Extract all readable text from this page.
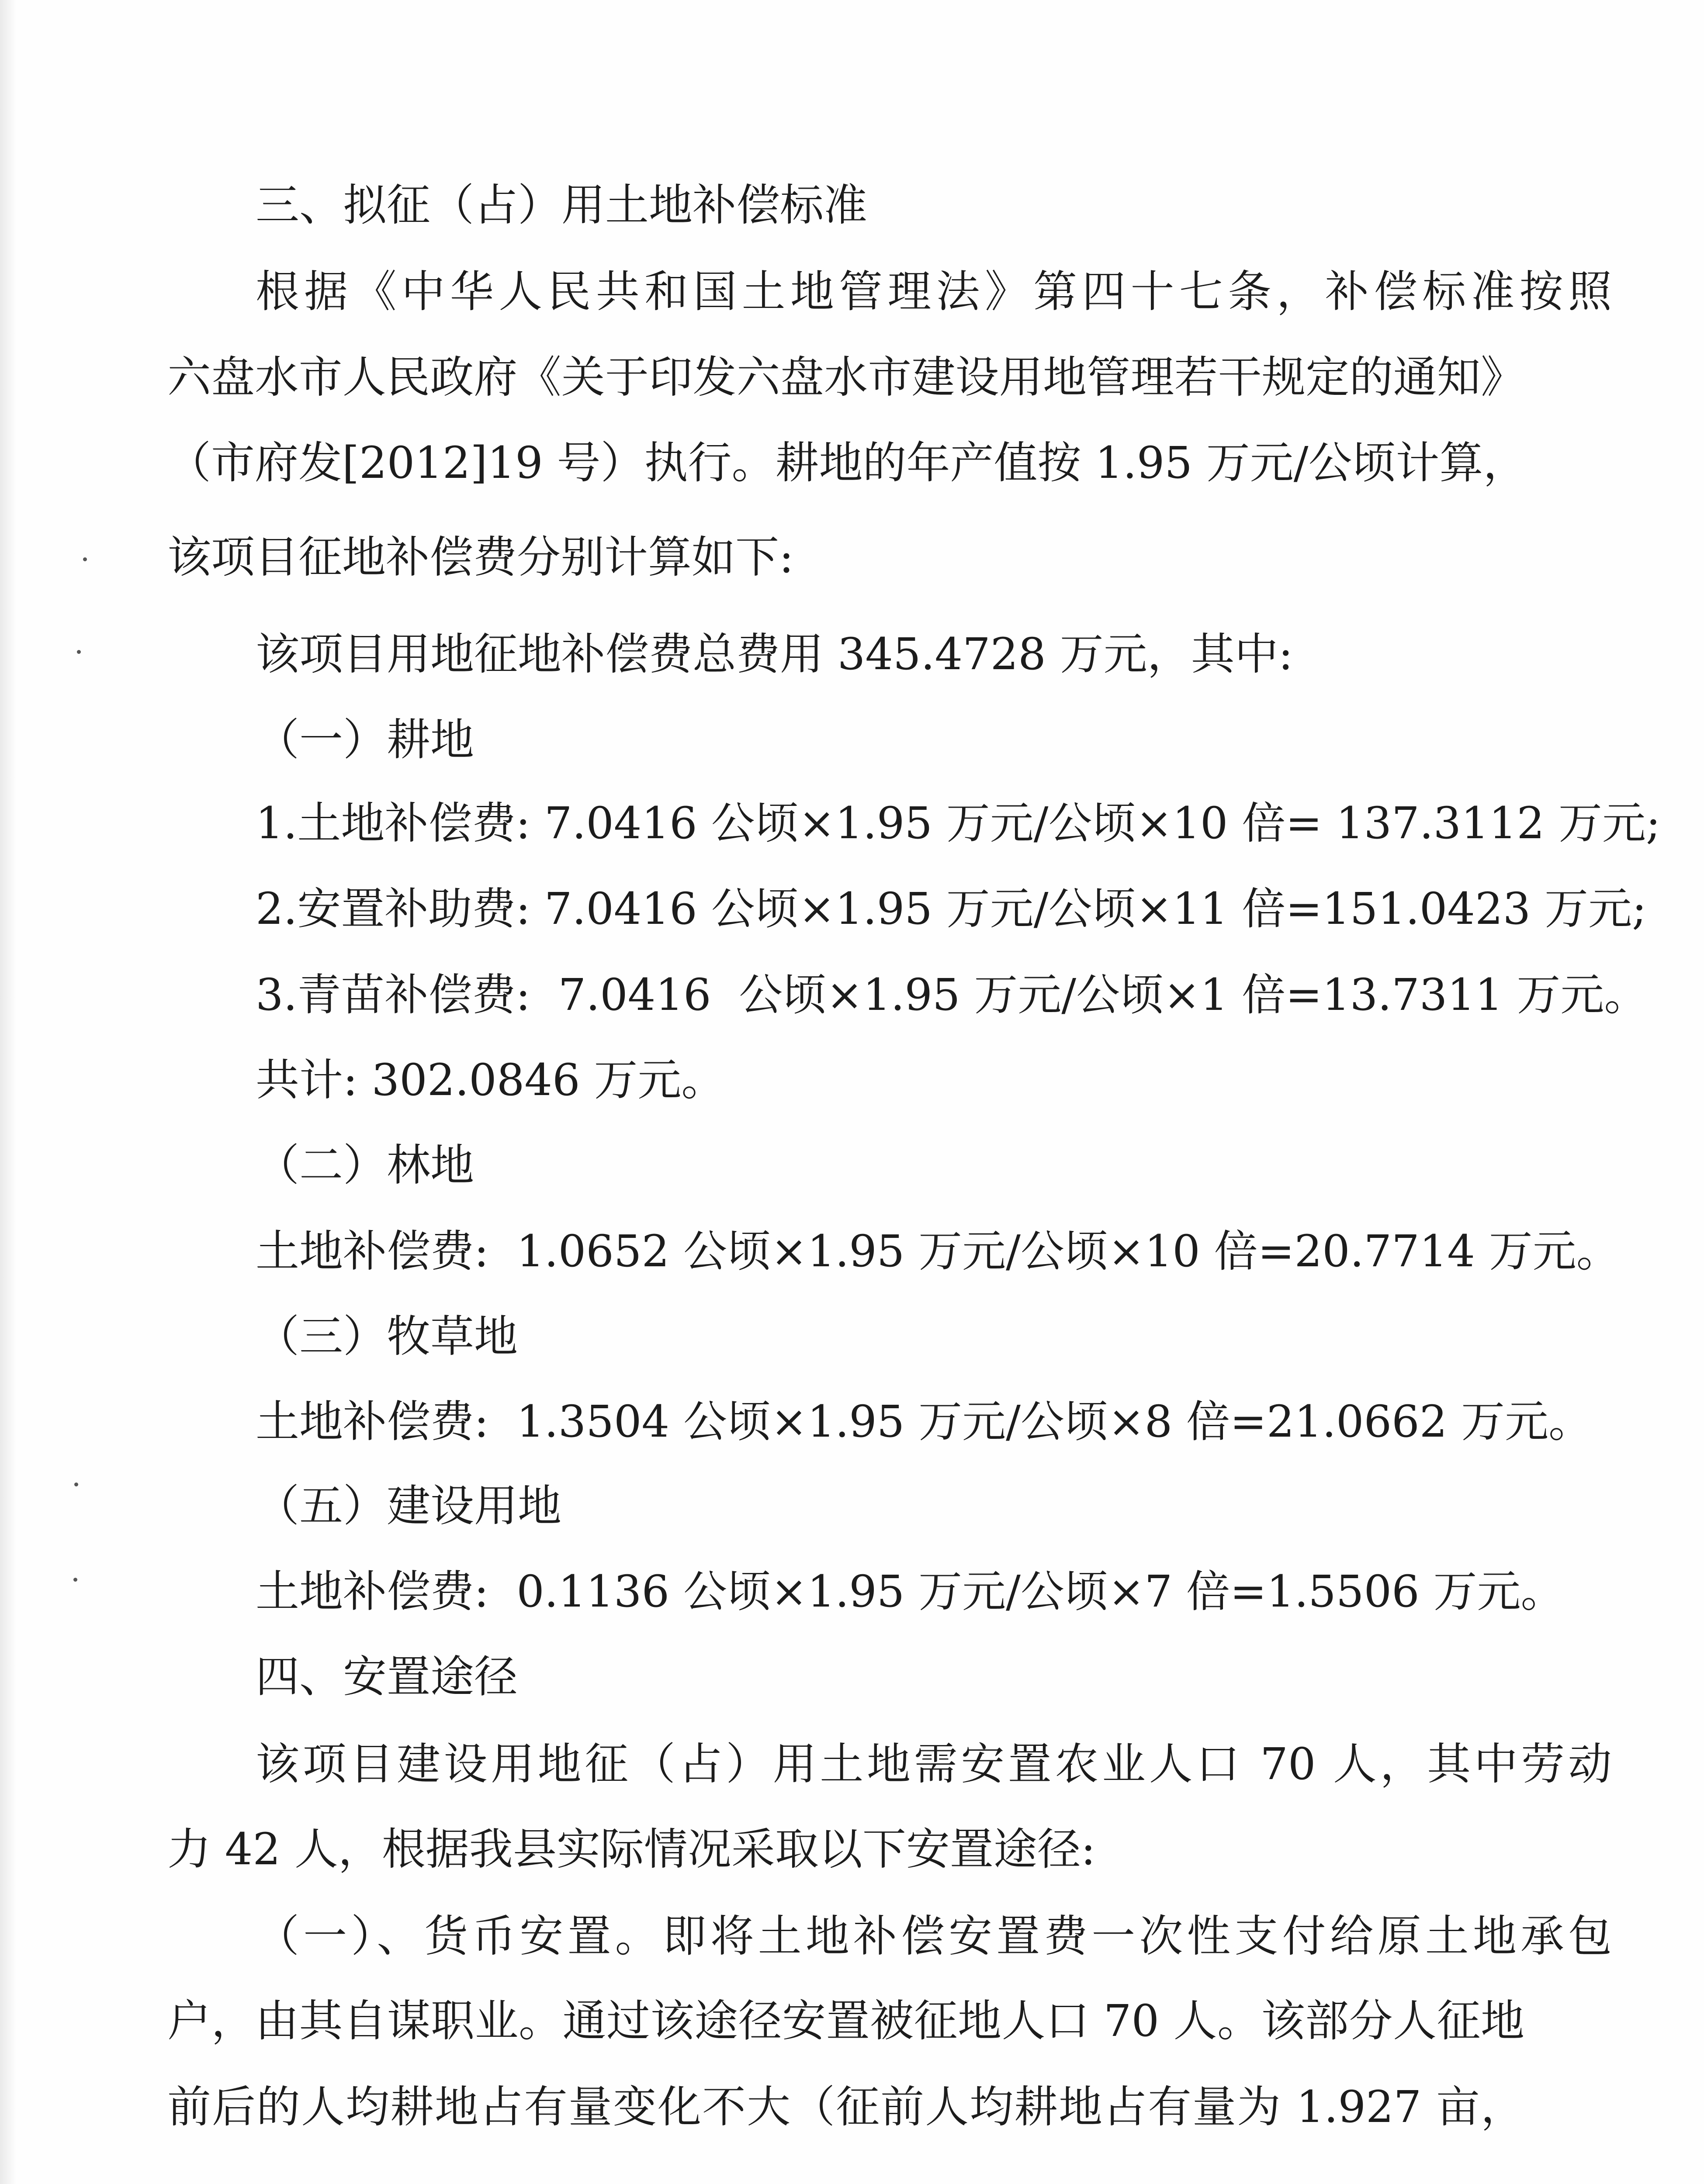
三、拟征（占）用土地补偿标准
根据《中华人民共和国土地管理法》第四十七条，补偿标准按照
六盘水市人民政府《关于印发六盘水市建设用地管理若干规定的通知》
（市府发[2012]19 号）执行。耕地的年产值按 1.95 万元/公顷计算，
该项目征地补偿费分别计算如下:
该项目用地征地补偿费总费用 345.4728 万元，其中:
（一）耕地
1.土地补偿费: 7.0416 公顷×1.95 万元/公顷×10 倍= 137.3112 万元;
2.安置补助费: 7.0416 公顷×1.95 万元/公顷×11 倍=151.0423 万元;
3.青苗补偿费:  7.0416  公顷×1.95 万元/公顷×1 倍=13.7311 万元。
共计: 302.0846 万元。
（二）林地
土地补偿费:  1.0652 公顷×1.95 万元/公顷×10 倍=20.7714 万元。
（三）牧草地
土地补偿费:  1.3504 公顷×1.95 万元/公顷×8 倍=21.0662 万元。
（五）建设用地
土地补偿费:  0.1136 公顷×1.95 万元/公顷×7 倍=1.5506 万元。
四、安置途径
该项目建设用地征（占）用土地需安置农业人口 70 人，其中劳动
力 42 人，根据我县实际情况采取以下安置途径:
（一）、货币安置。即将土地补偿安置费一次性支付给原土地承包
户，由其自谋职业。通过该途径安置被征地人口 70 人。该部分人征地
前后的人均耕地占有量变化不大（征前人均耕地占有量为 1.927 亩，
